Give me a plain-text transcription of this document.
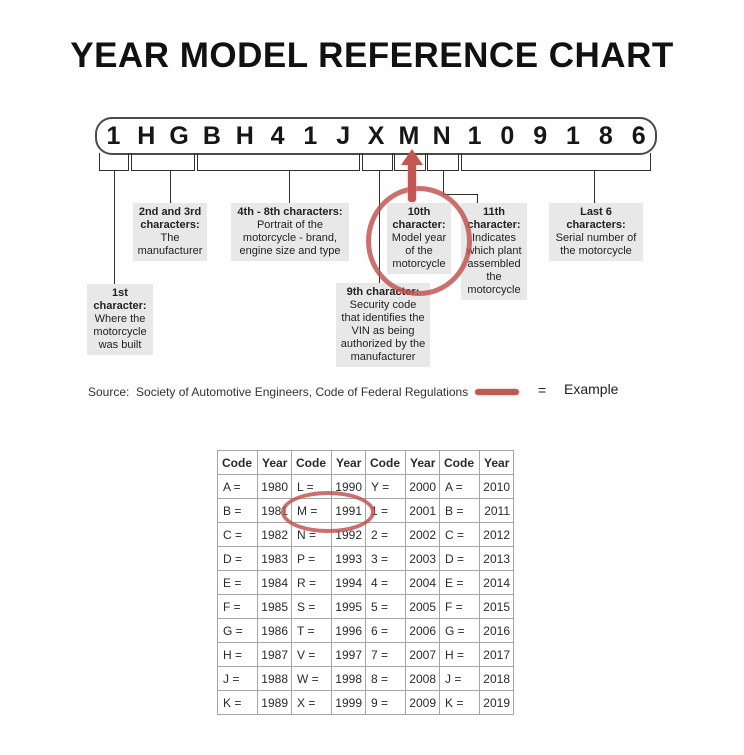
YEAR MODEL REFERENCE CHART
1 H G B H 4 1 J X M N 1 0 9 1 8 6
1st character:
Where the motorcycle was built
2nd and 3rd characters:
The manufacturer
4th - 8th characters:
Portrait of the motorcycle - brand, engine size and type
9th character:
Security code that identifies the VIN as being authorized by the manufacturer
10th character:
Model year of the motorcycle
11th character:
Indicates which plant assembled the motorcycle
Last 6 characters:
Serial number of the motorcycle
Source:  Society of Automotive Engineers, Code of Federal Regulations	= Example
Code	Year	Code	Year	Code	Year	Code	Year
A =	1980	L =	1990	Y =	2000	A =	2010
B =	1981	M =	1991	1 =	2001	B =	2011
C =	1982	N =	1992	2 =	2002	C =	2012
D =	1983	P =	1993	3 =	2003	D =	2013
E =	1984	R =	1994	4 =	2004	E =	2014
F =	1985	S =	1995	5 =	2005	F =	2015
G =	1986	T =	1996	6 =	2006	G =	2016
H =	1987	V =	1997	7 =	2007	H =	2017
J =	1988	W =	1998	8 =	2008	J =	2018
K =	1989	X =	1999	9 =	2009	K =	2019
